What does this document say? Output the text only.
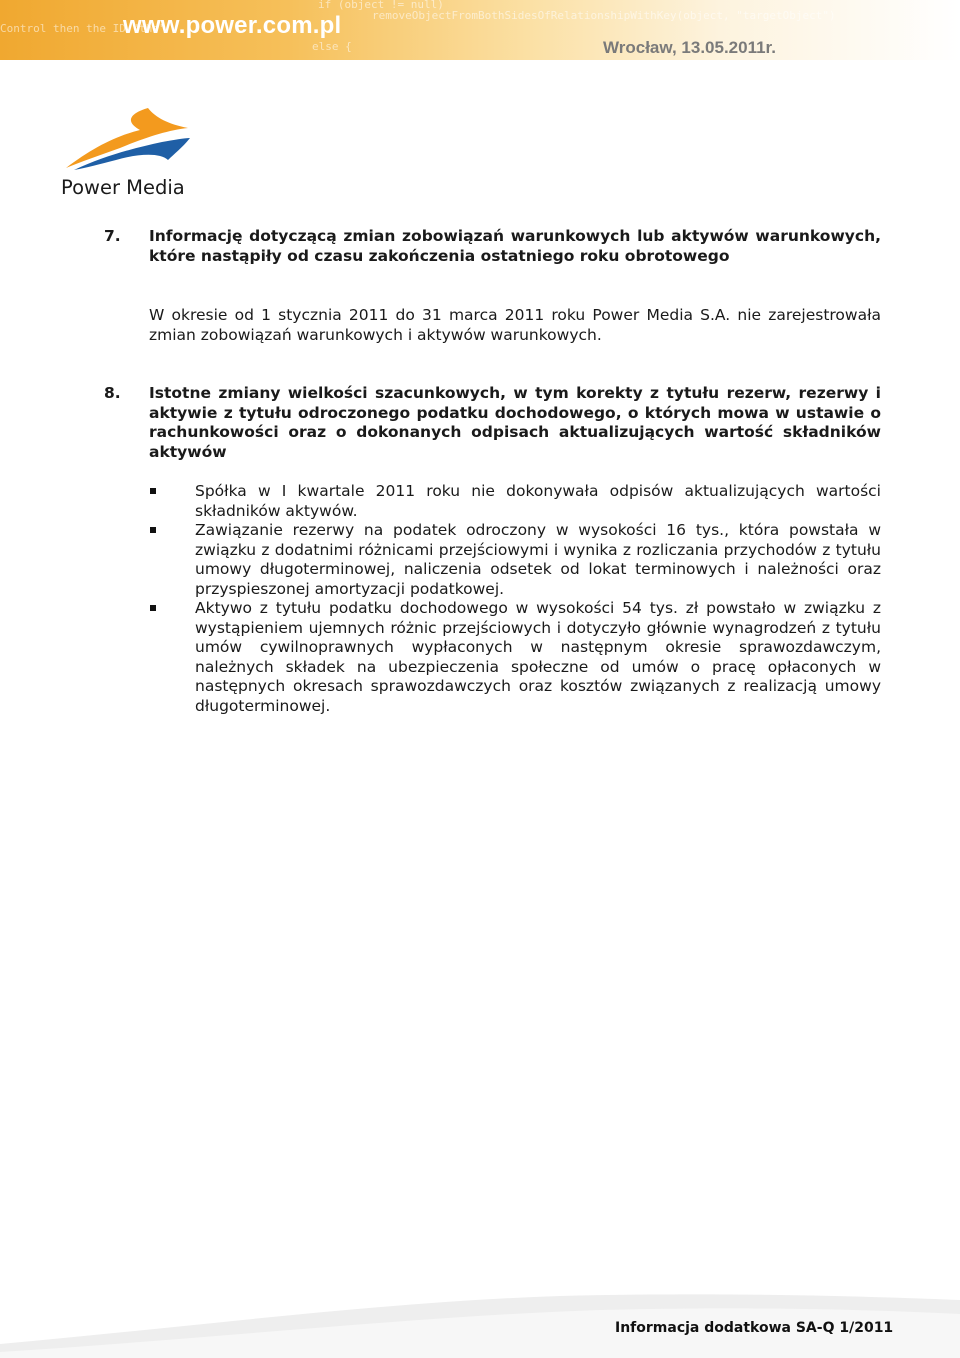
Control then the ID "ths"
if (object != null)
removeObjectFromBothSidesOfRelationshipWithKey(object, "targetObject")
else {
www.power.com.pl
Wrocław, 13.05.2011r.
Power Media
7. Informację dotyczącą zmian zobowiązań warunkowych lub aktywów warunkowych, które nastąpiły od czasu zakończenia ostatniego roku obrotowego
W okresie od 1 stycznia 2011 do 31 marca 2011 roku Power Media S.A. nie zarejestrowała zmian zobowiązań warunkowych i aktywów warunkowych.
8. Istotne zmiany wielkości szacunkowych, w tym korekty z tytułu rezerw, rezerwy i aktywie z tytułu odroczonego podatku dochodowego, o których mowa w ustawie o rachunkowości oraz o dokonanych odpisach aktualizujących wartość składników aktywów
Spółka w I kwartale 2011 roku nie dokonywała odpisów aktualizujących wartości składników aktywów.
Zawiązanie rezerwy na podatek odroczony w wysokości 16 tys., która powstała w związku z dodatnimi różnicami przejściowymi i wynika z rozliczania przychodów z tytułu umowy długoterminowej, naliczenia odsetek od lokat terminowych i należności oraz przyspieszonej amortyzacji podatkowej.
Aktywo z tytułu podatku dochodowego w wysokości 54 tys. zł powstało w związku z wystąpieniem ujemnych różnic przejściowych i dotyczyło głównie wynagrodzeń z tytułu umów cywilnoprawnych wypłaconych w następnym okresie sprawozdawczym, należnych składek na ubezpieczenia społeczne od umów o pracę opłaconych w następnych okresach sprawozdawczych oraz kosztów związanych z realizacją umowy długoterminowej.
Informacja dodatkowa SA-Q 1/2011
